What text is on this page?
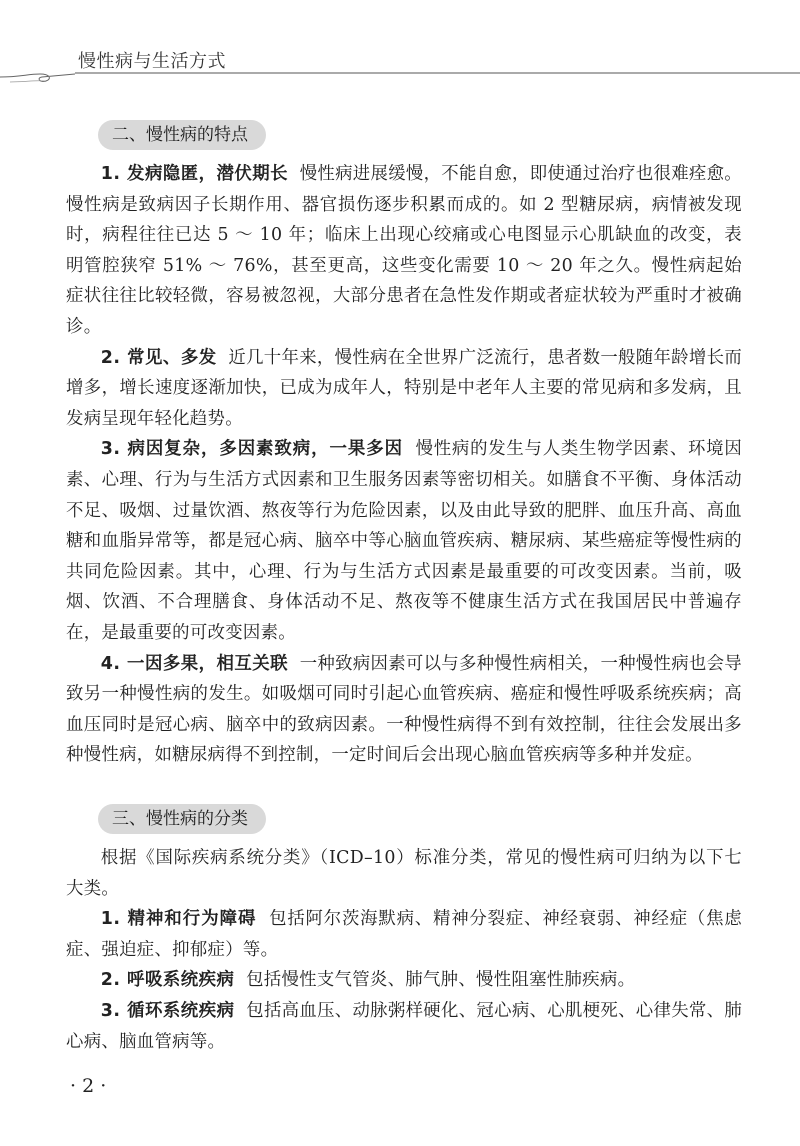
慢性病与生活方式
二、慢性病的特点

1. 发病隐匿，潜伏期长 慢性病进展缓慢，不能自愈，即使通过治疗也很难痊愈。慢性病是致病因子长期作用、器官损伤逐步积累而成的。如 2 型糖尿病，病情被发现时，病程往往已达 5 ～ 10 年；临床上出现心绞痛或心电图显示心肌缺血的改变，表明管腔狭窄 51% ～ 76%，甚至更高，这些变化需要 10 ～ 20 年之久。慢性病起始症状往往比较轻微，容易被忽视，大部分患者在急性发作期或者症状较为严重时才被确诊。

2. 常见、多发 近几十年来，慢性病在全世界广泛流行，患者数一般随年龄增长而增多，增长速度逐渐加快，已成为成年人，特别是中老年人主要的常见病和多发病，且发病呈现年轻化趋势。

3. 病因复杂，多因素致病，一果多因 慢性病的发生与人类生物学因素、环境因素、心理、行为与生活方式因素和卫生服务因素等密切相关。如膳食不平衡、身体活动不足、吸烟、过量饮酒、熬夜等行为危险因素，以及由此导致的肥胖、血压升高、高血糖和血脂异常等，都是冠心病、脑卒中等心脑血管疾病、糖尿病、某些癌症等慢性病的共同危险因素。其中，心理、行为与生活方式因素是最重要的可改变因素。当前，吸烟、饮酒、不合理膳食、身体活动不足、熬夜等不健康生活方式在我国居民中普遍存在，是最重要的可改变因素。

4. 一因多果，相互关联 一种致病因素可以与多种慢性病相关，一种慢性病也会导致另一种慢性病的发生。如吸烟可同时引起心血管疾病、癌症和慢性呼吸系统疾病；高血压同时是冠心病、脑卒中的致病因素。一种慢性病得不到有效控制，往往会发展出多种慢性病，如糖尿病得不到控制，一定时间后会出现心脑血管疾病等多种并发症。

三、慢性病的分类

根据《国际疾病系统分类》（ICD–10）标准分类，常见的慢性病可归纳为以下七大类。

1. 精神和行为障碍 包括阿尔茨海默病、精神分裂症、神经衰弱、神经症（焦虑症、强迫症、抑郁症）等。

2. 呼吸系统疾病 包括慢性支气管炎、肺气肿、慢性阻塞性肺疾病。

3. 循环系统疾病 包括高血压、动脉粥样硬化、冠心病、心肌梗死、心律失常、肺心病、脑血管病等。

· 2 ·
